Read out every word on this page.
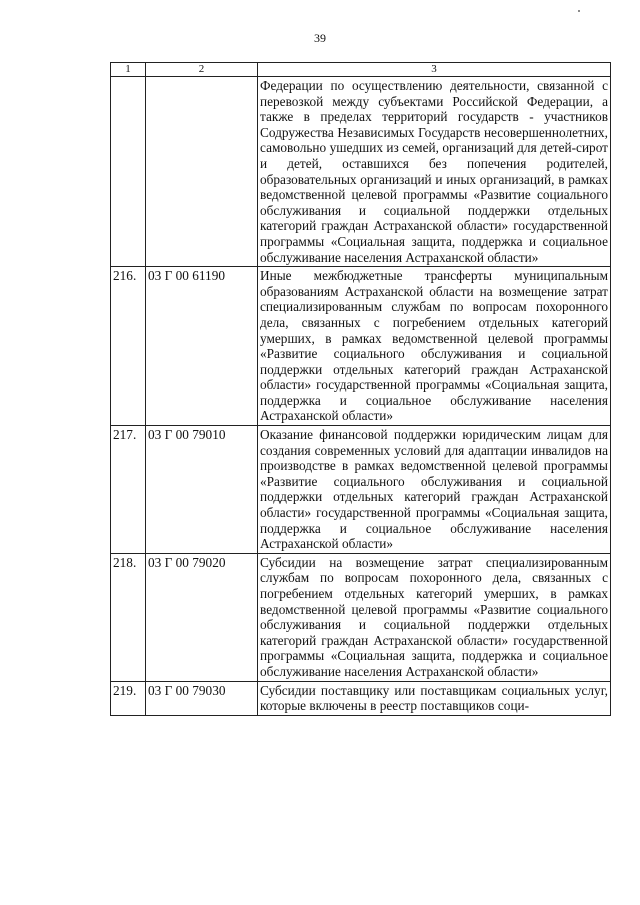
39
1	2	3
		Федерации по осуществлению деятельности, связанной с перевозкой между субъектами Российской Федерации, а также в пределах территорий государств - участников Содружества Независимых Государств несовершеннолетних, самовольно ушедших из семей, организаций для детей-сирот и детей, оставшихся без попечения родителей, образовательных организаций и иных организаций, в рамках ведомственной целевой программы «Развитие социального обслуживания и социальной поддержки отдельных категорий граждан Астраханской области» государственной программы «Социальная защита, поддержка и социальное обслуживание населения Астраханской области»
216.	03 Г 00 61190	Иные межбюджетные трансферты муниципальным образованиям Астраханской области на возмещение затрат специализированным службам по вопросам похоронного дела, связанных с погребением отдельных категорий умерших, в рамках ведомственной целевой программы «Развитие социального обслуживания и социальной поддержки отдельных категорий граждан Астраханской области» государственной программы «Социальная защита, поддержка и социальное обслуживание населения Астраханской области»
217.	03 Г 00 79010	Оказание финансовой поддержки юридическим лицам для создания современных условий для адаптации инвалидов на производстве в рамках ведомственной целевой программы «Развитие социального обслуживания и социальной поддержки отдельных категорий граждан Астраханской области» государственной программы «Социальная защита, поддержка и социальное обслуживание населения Астраханской области»
218.	03 Г 00 79020	Субсидии на возмещение затрат специализированным службам по вопросам похоронного дела, связанных с погребением отдельных категорий умерших, в рамках ведомственной целевой программы «Развитие социального обслуживания и социальной поддержки отдельных категорий граждан Астраханской области» государственной программы «Социальная защита, поддержка и социальное обслуживание населения Астраханской области»
219.	03 Г 00 79030	Субсидии поставщику или поставщикам социальных услуг, которые включены в реестр поставщиков соци-
